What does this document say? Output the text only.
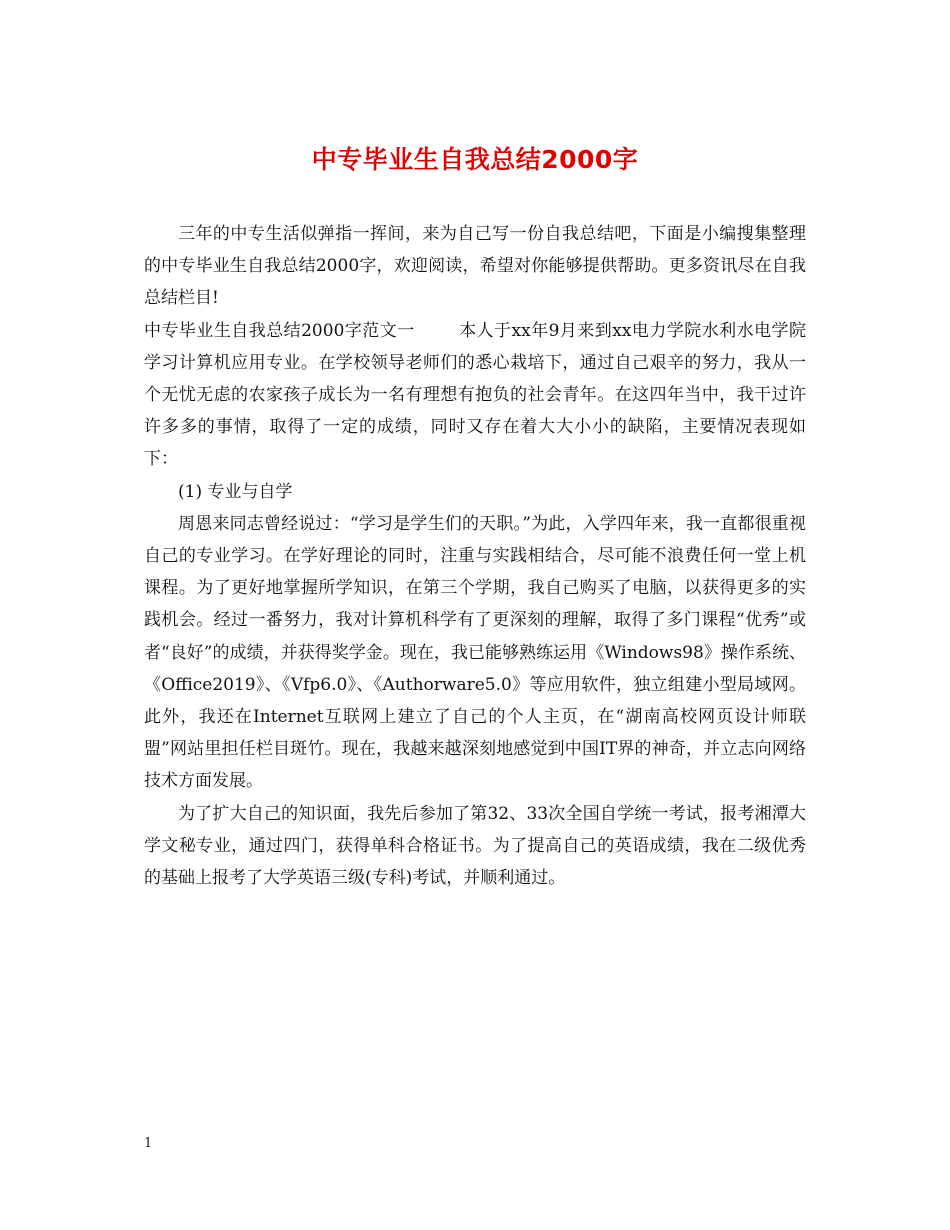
中专毕业生自我总结2000字

三年的中专生活似弹指一挥间，来为自己写一份自我总结吧，下面是小编搜集整理的中专毕业生自我总结2000字，欢迎阅读，希望对你能够提供帮助。更多资讯尽在自我总结栏目!

中专毕业生自我总结2000字范文一	本人于xx年9月来到xx电力学院水利水电学院学习计算机应用专业。在学校领导老师们的悉心栽培下，通过自己艰辛的努力，我从一个无忧无虑的农家孩子成长为一名有理想有抱负的社会青年。在这四年当中，我干过许许多多的事情，取得了一定的成绩，同时又存在着大大小小的缺陷，主要情况表现如下：

(1) 专业与自学

周恩来同志曾经说过：“学习是学生们的天职。”为此，入学四年来，我一直都很重视自己的专业学习。在学好理论的同时，注重与实践相结合，尽可能不浪费任何一堂上机课程。为了更好地掌握所学知识，在第三个学期，我自己购买了电脑，以获得更多的实践机会。经过一番努力，我对计算机科学有了更深刻的理解，取得了多门课程“优秀”或者“良好”的成绩，并获得奖学金。现在，我已能够熟练运用《Windows98》操作系统、《Office2019》、《Vfp6.0》、《Authorware5.0》等应用软件，独立组建小型局域网。此外，我还在Internet互联网上建立了自己的个人主页，在“湖南高校网页设计师联盟”网站里担任栏目斑竹。现在，我越来越深刻地感觉到中国IT界的神奇，并立志向网络技术方面发展。

为了扩大自己的知识面，我先后参加了第32、33次全国自学统一考试，报考湘潭大学文秘专业，通过四门，获得单科合格证书。为了提高自己的英语成绩，我在二级优秀的基础上报考了大学英语三级(专科)考试，并顺利通过。

1
